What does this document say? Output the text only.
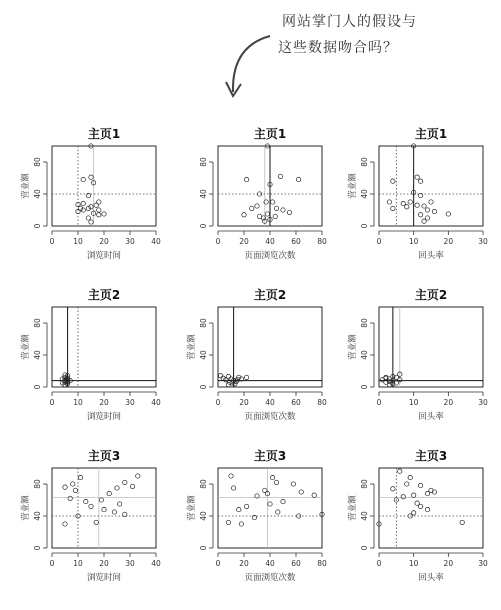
网站掌门人的假设与
这些数据吻合吗？
主页1
0	10 20 30 40
浏览时间
0
40
80
营业额
主页1
0	20 40 60 80
页面浏览次数
0
40
80
主页1
0	10	20	30
回头率
0
40
80
营业额
主页2
0	10 20 30 40
浏览时间
0
40
80
营业额
主页2
0	20 40 60 80
页面浏览次数
0
40
80
营业额
主页2
0	10	20	30
回头率
0
40
80
营业额
主页3
0	10 20 30 40
浏览时间
0
40
80
营业额
主页3
0	20 40 60 80
页面浏览次数
0
40
80
营业额
主页3
0	10	20	30
回头率
0
40
80
营业额
